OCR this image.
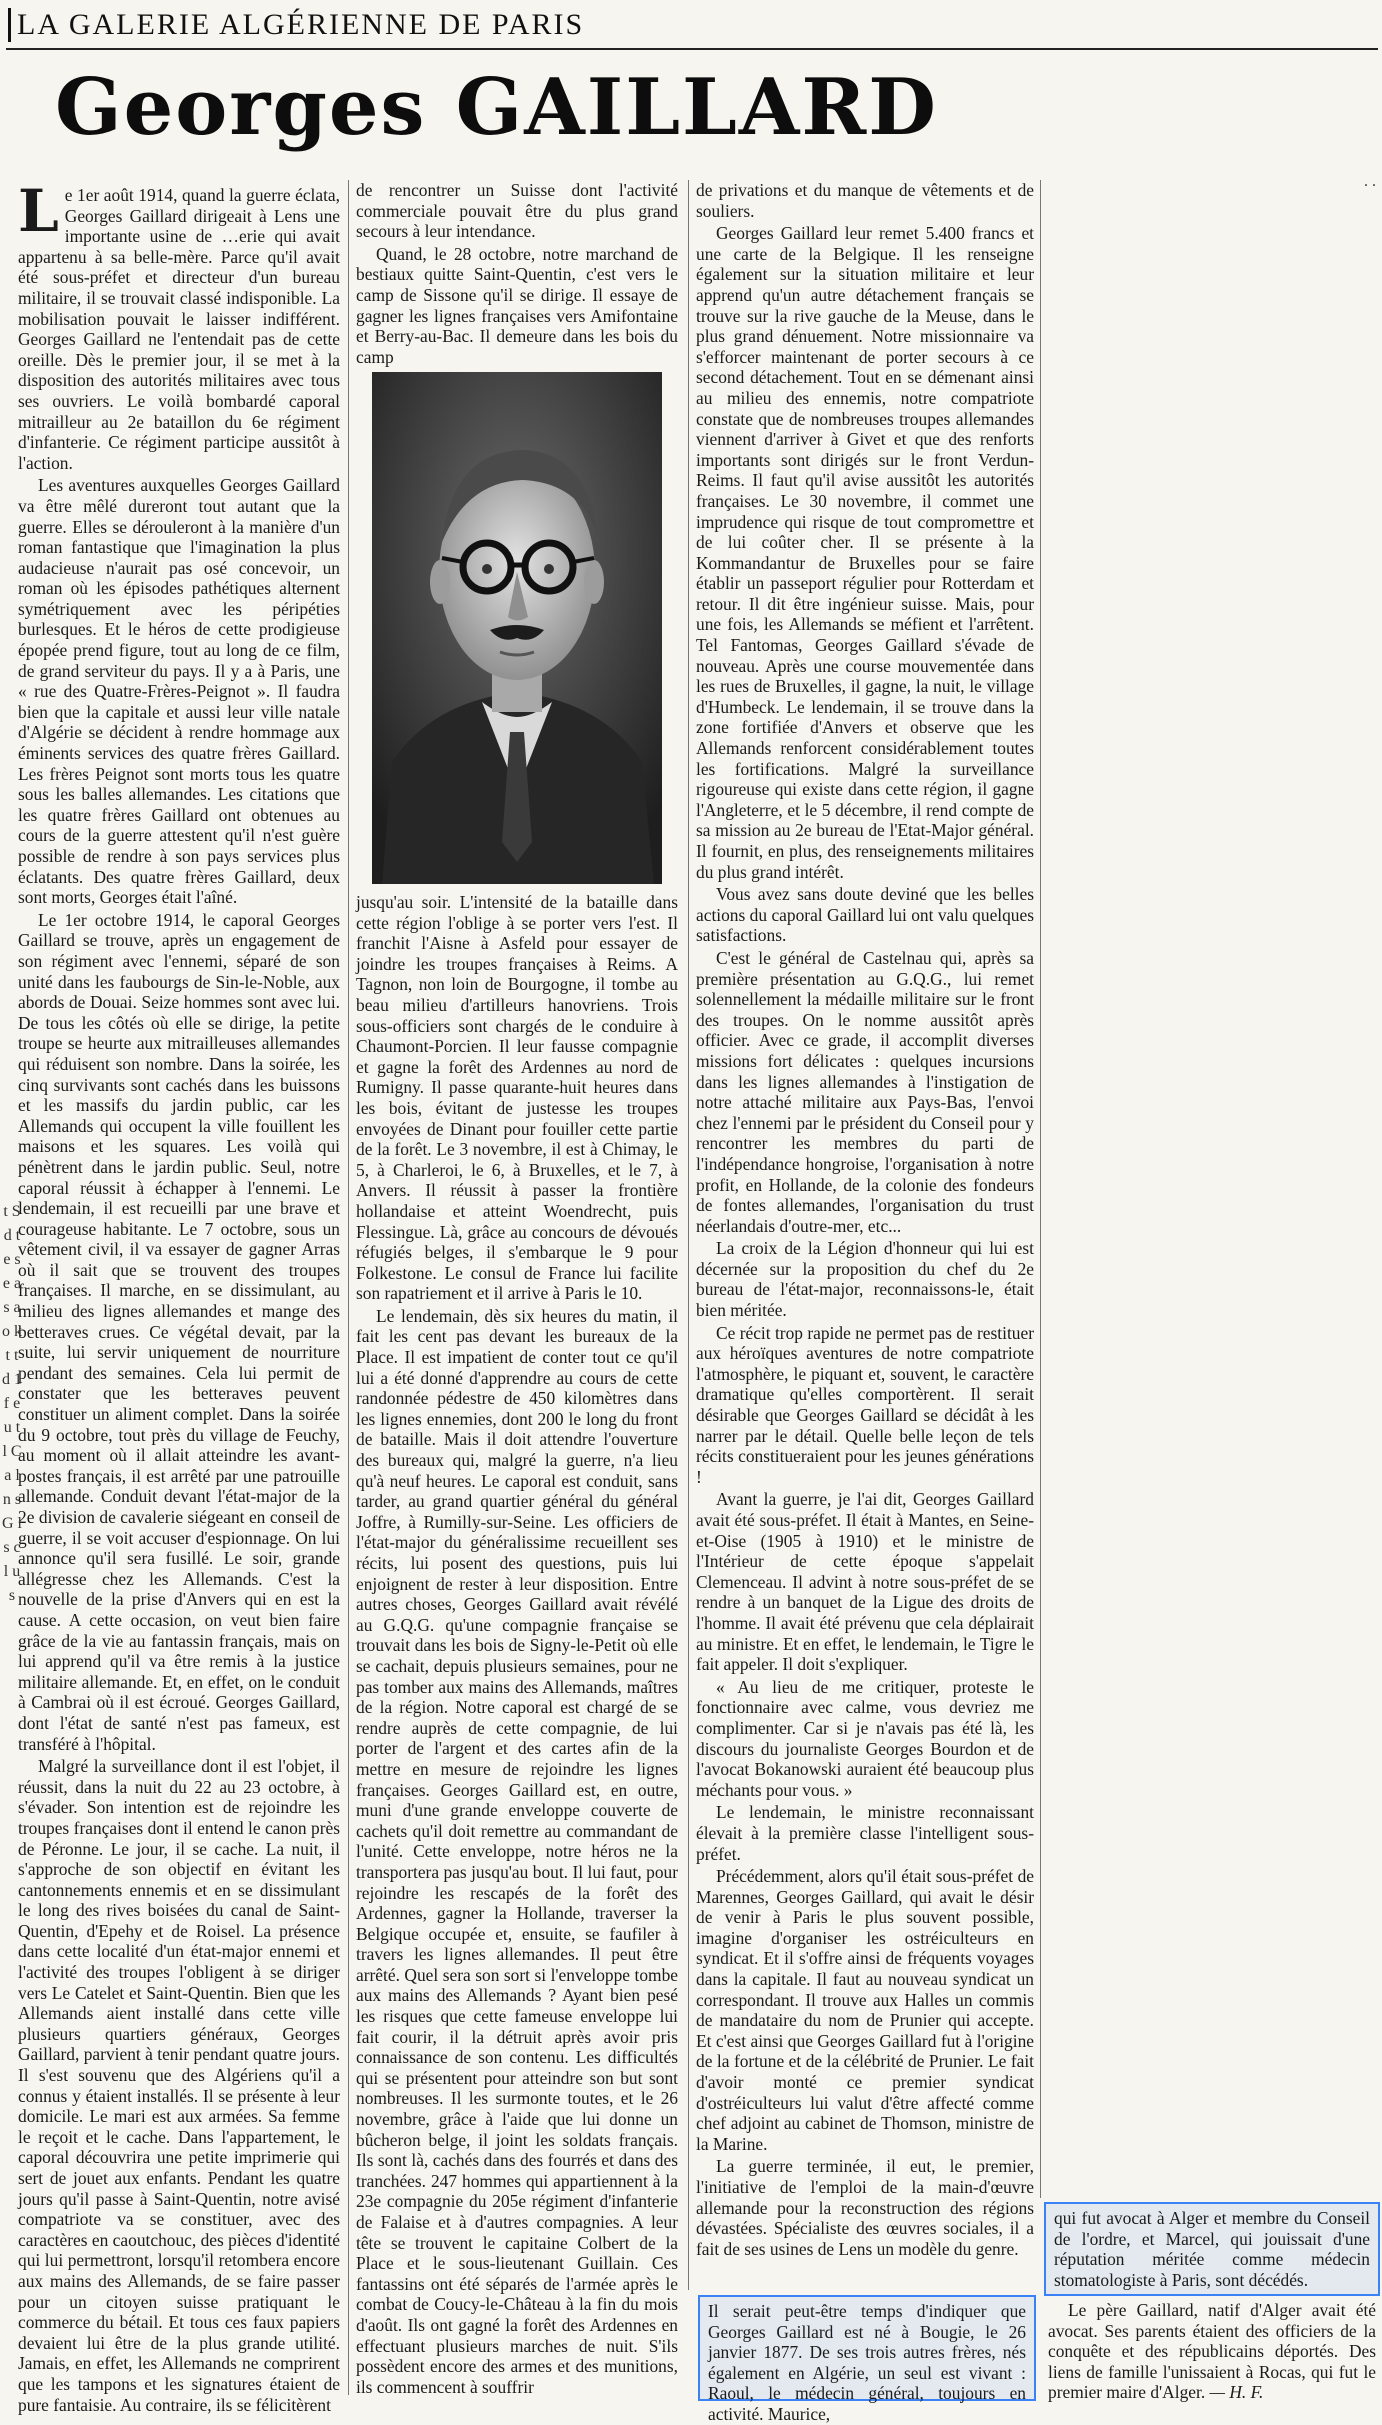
LA GALERIE ALGÉRIENNE DE PARIS
Georges GAILLARD

Le 1er août 1914, quand la guerre éclata, Georges Gaillard dirigeait à Lens une importante usine de …erie qui avait appartenu à sa belle-mère. Parce qu'il avait été sous-préfet et directeur d'un bureau militaire, il se trouvait classé indisponible. La mobilisation pouvait le laisser indifférent. Georges Gaillard ne l'entendait pas de cette oreille. Dès le premier jour, il se met à la disposition des autorités militaires avec tous ses ouvriers. Le voilà bombardé caporal mitrailleur au 2e bataillon du 6e régiment d'infanterie. Ce régiment participe aussitôt à l'action.

Les aventures auxquelles Georges Gaillard va être mêlé dureront tout autant que la guerre. Elles se dérouleront à la manière d'un roman fantastique que l'imagination la plus audacieuse n'aurait pas osé concevoir, un roman où les épisodes pathétiques alternent symétriquement avec les péripéties burlesques. Et le héros de cette prodigieuse épopée prend figure, tout au long de ce film, de grand serviteur du pays. Il y a à Paris, une « rue des Quatre-Frères-Peignot ». Il faudra bien que la capitale et aussi leur ville natale d'Algérie se décident à rendre hommage aux éminents services des quatre frères Gaillard. Les frères Peignot sont morts tous les quatre sous les balles allemandes. Les citations que les quatre frères Gaillard ont obtenues au cours de la guerre attestent qu'il n'est guère possible de rendre à son pays services plus éclatants. Des quatre frères Gaillard, deux sont morts, Georges était l'aîné.

Le 1er octobre 1914, le caporal Georges Gaillard se trouve, après un engagement de son régiment avec l'ennemi, séparé de son unité dans les faubourgs de Sin-le-Noble, aux abords de Douai. Seize hommes sont avec lui. De tous les côtés où elle se dirige, la petite troupe se heurte aux mitrailleuses allemandes qui réduisent son nombre. Dans la soirée, les cinq survivants sont cachés dans les buissons et les massifs du jardin public, car les Allemands qui occupent la ville fouillent les maisons et les squares. Les voilà qui pénètrent dans le jardin public. Seul, notre caporal réussit à échapper à l'ennemi. Le lendemain, il est recueilli par une brave et courageuse habitante. Le 7 octobre, sous un vêtement civil, il va essayer de gagner Arras où il sait que se trouvent des troupes françaises. Il marche, en se dissimulant, au milieu des lignes allemandes et mange des betteraves crues. Ce végétal devait, par la suite, lui servir uniquement de nourriture pendant des semaines. Cela lui permit de constater que les betteraves peuvent constituer un aliment complet. Dans la soirée du 9 octobre, tout près du village de Feuchy, au moment où il allait atteindre les avant-postes français, il est arrêté par une patrouille allemande. Conduit devant l'état-major de la 2e division de cavalerie siégeant en conseil de guerre, il se voit accuser d'espionnage. On lui annonce qu'il sera fusillé. Le soir, grande allégresse chez les Allemands. C'est la nouvelle de la prise d'Anvers qui en est la cause. A cette occasion, on veut bien faire grâce de la vie au fantassin français, mais on lui apprend qu'il va être remis à la justice militaire allemande. Et, en effet, on le conduit à Cambrai où il est écroué. Georges Gaillard, dont l'état de santé n'est pas fameux, est transféré à l'hôpital.

Malgré la surveillance dont il est l'objet, il réussit, dans la nuit du 22 au 23 octobre, à s'évader. Son intention est de rejoindre les troupes françaises dont il entend le canon près de Péronne. Le jour, il se cache. La nuit, il s'approche de son objectif en évitant les cantonnements ennemis et en se dissimulant le long des rives boisées du canal de Saint-Quentin, d'Epehy et de Roisel. La présence dans cette localité d'un état-major ennemi et l'activité des troupes l'obligent à se diriger vers Le Catelet et Saint-Quentin. Bien que les Allemands aient installé dans cette ville plusieurs quartiers généraux, Georges Gaillard, parvient à tenir pendant quatre jours. Il s'est souvenu que des Algériens qu'il a connus y étaient installés. Il se présente à leur domicile. Le mari est aux armées. Sa femme le reçoit et le cache. Dans l'appartement, le caporal découvrira une petite imprimerie qui sert de jouet aux enfants. Pendant les quatre jours qu'il passe à Saint-Quentin, notre avisé compatriote va se constituer, avec des caractères en caoutchouc, des pièces d'identité qui lui permettront, lorsqu'il retombera encore aux mains des Allemands, de se faire passer pour un citoyen suisse pratiquant le commerce du bétail. Et tous ces faux papiers devaient lui être de la plus grande utilité. Jamais, en effet, les Allemands ne comprirent que les tampons et les signatures étaient de pure fantaisie. Au contraire, ils se félicitèrent

de rencontrer un Suisse dont l'activité commerciale pouvait être du plus grand secours à leur intendance.

Quand, le 28 octobre, notre marchand de bestiaux quitte Saint-Quentin, c'est vers le camp de Sissone qu'il se dirige. Il essaye de gagner les lignes françaises vers Amifontaine et Berry-au-Bac. Il demeure dans les bois du camp

jusqu'au soir. L'intensité de la bataille dans cette région l'oblige à se porter vers l'est. Il franchit l'Aisne à Asfeld pour essayer de joindre les troupes françaises à Reims. A Tagnon, non loin de Bourgogne, il tombe au beau milieu d'artilleurs hanovriens. Trois sous-officiers sont chargés de le conduire à Chaumont-Porcien. Il leur fausse compagnie et gagne la forêt des Ardennes au nord de Rumigny. Il passe quarante-huit heures dans les bois, évitant de justesse les troupes envoyées de Dinant pour fouiller cette partie de la forêt. Le 3 novembre, il est à Chimay, le 5, à Charleroi, le 6, à Bruxelles, et le 7, à Anvers. Il réussit à passer la frontière hollandaise et atteint Woendrecht, puis Flessingue. Là, grâce au concours de dévoués réfugiés belges, il s'embarque le 9 pour Folkestone. Le consul de France lui facilite son rapatriement et il arrive à Paris le 10.

Le lendemain, dès six heures du matin, il fait les cent pas devant les bureaux de la Place. Il est impatient de conter tout ce qu'il lui a été donné d'apprendre au cours de cette randonnée pédestre de 450 kilomètres dans les lignes ennemies, dont 200 le long du front de bataille. Mais il doit attendre l'ouverture des bureaux qui, malgré la guerre, n'a lieu qu'à neuf heures. Le caporal est conduit, sans tarder, au grand quartier général du général Joffre, à Rumilly-sur-Seine. Les officiers de l'état-major du généralissime recueillent ses récits, lui posent des questions, puis lui enjoignent de rester à leur disposition. Entre autres choses, Georges Gaillard avait révélé au G.Q.G. qu'une compagnie française se trouvait dans les bois de Signy-le-Petit où elle se cachait, depuis plusieurs semaines, pour ne pas tomber aux mains des Allemands, maîtres de la région. Notre caporal est chargé de se rendre auprès de cette compagnie, de lui porter de l'argent et des cartes afin de la mettre en mesure de rejoindre les lignes françaises. Georges Gaillard est, en outre, muni d'une grande enveloppe couverte de cachets qu'il doit remettre au commandant de l'unité. Cette enveloppe, notre héros ne la transportera pas jusqu'au bout. Il lui faut, pour rejoindre les rescapés de la forêt des Ardennes, gagner la Hollande, traverser la Belgique occupée et, ensuite, se faufiler à travers les lignes allemandes. Il peut être arrêté. Quel sera son sort si l'enveloppe tombe aux mains des Allemands ? Ayant bien pesé les risques que cette fameuse enveloppe lui fait courir, il la détruit après avoir pris connaissance de son contenu. Les difficultés qui se présentent pour atteindre son but sont nombreuses. Il les surmonte toutes, et le 26 novembre, grâce à l'aide que lui donne un bûcheron belge, il joint les soldats français. Ils sont là, cachés dans des fourrés et dans des tranchées. 247 hommes qui appartiennent à la 23e compagnie du 205e régiment d'infanterie de Falaise et à d'autres compagnies. A leur tête se trouvent le capitaine Colbert de la Place et le sous-lieutenant Guillain. Ces fantassins ont été séparés de l'armée après le combat de Coucy-le-Château à la fin du mois d'août. Ils ont gagné la forêt des Ardennes en effectuant plusieurs marches de nuit. S'ils possèdent encore des armes et des munitions, ils commencent à souffrir

de privations et du manque de vêtements et de souliers.

Georges Gaillard leur remet 5.400 francs et une carte de la Belgique. Il les renseigne également sur la situation militaire et leur apprend qu'un autre détachement français se trouve sur la rive gauche de la Meuse, dans le plus grand dénuement. Notre missionnaire va s'efforcer maintenant de porter secours à ce second détachement. Tout en se démenant ainsi au milieu des ennemis, notre compatriote constate que de nombreuses troupes allemandes viennent d'arriver à Givet et que des renforts importants sont dirigés sur le front Verdun-Reims. Il faut qu'il avise aussitôt les autorités françaises. Le 30 novembre, il commet une imprudence qui risque de tout compromettre et de lui coûter cher. Il se présente à la Kommandantur de Bruxelles pour se faire établir un passeport régulier pour Rotterdam et retour. Il dit être ingénieur suisse. Mais, pour une fois, les Allemands se méfient et l'arrêtent. Tel Fantomas, Georges Gaillard s'évade de nouveau. Après une course mouvementée dans les rues de Bruxelles, il gagne, la nuit, le village d'Humbeck. Le lendemain, il se trouve dans la zone fortifiée d'Anvers et observe que les Allemands renforcent considérablement toutes les fortifications. Malgré la surveillance rigoureuse qui existe dans cette région, il gagne l'Angleterre, et le 5 décembre, il rend compte de sa mission au 2e bureau de l'Etat-Major général. Il fournit, en plus, des renseignements militaires du plus grand intérêt.

Vous avez sans doute deviné que les belles actions du caporal Gaillard lui ont valu quelques satisfactions.

C'est le général de Castelnau qui, après sa première présentation au G.Q.G., lui remet solennellement la médaille militaire sur le front des troupes. On le nomme aussitôt après officier. Avec ce grade, il accomplit diverses missions fort délicates : quelques incursions dans les lignes allemandes à l'instigation de notre attaché militaire aux Pays-Bas, l'envoi chez l'ennemi par le président du Conseil pour y rencontrer les membres du parti de l'indépendance hongroise, l'organisation à notre profit, en Hollande, de la colonie des fondeurs de fontes allemandes, l'organisation du trust néerlandais d'outre-mer, etc...

La croix de la Légion d'honneur qui lui est décernée sur la proposition du chef du 2e bureau de l'état-major, reconnaissons-le, était bien méritée.

Ce récit trop rapide ne permet pas de restituer aux héroïques aventures de notre compatriote l'atmosphère, le piquant et, souvent, le caractère dramatique qu'elles comportèrent. Il serait désirable que Georges Gaillard se décidât à les narrer par le détail. Quelle belle leçon de tels récits constitueraient pour les jeunes générations !

Avant la guerre, je l'ai dit, Georges Gaillard avait été sous-préfet. Il était à Mantes, en Seine-et-Oise (1905 à 1910) et le ministre de l'Intérieur de cette époque s'appelait Clemenceau. Il advint à notre sous-préfet de se rendre à un banquet de la Ligue des droits de l'homme. Il avait été prévenu que cela déplairait au ministre. Et en effet, le lendemain, le Tigre le fait appeler. Il doit s'expliquer.

« Au lieu de me critiquer, proteste le fonctionnaire avec calme, vous devriez me complimenter. Car si je n'avais pas été là, les discours du journaliste Georges Bourdon et de l'avocat Bokanowski auraient été beaucoup plus méchants pour vous. »

Le lendemain, le ministre reconnaissant élevait à la première classe l'intelligent sous-préfet.

Précédemment, alors qu'il était sous-préfet de Marennes, Georges Gaillard, qui avait le désir de venir à Paris le plus souvent possible, imagine d'organiser les ostréiculteurs en syndicat. Et il s'offre ainsi de fréquents voyages dans la capitale. Il faut au nouveau syndicat un correspondant. Il trouve aux Halles un commis de mandataire du nom de Prunier qui accepte. Et c'est ainsi que Georges Gaillard fut à l'origine de la fortune et de la célébrité de Prunier. Le fait d'avoir monté ce premier syndicat d'ostréiculteurs lui valut d'être affecté comme chef adjoint au cabinet de Thomson, ministre de la Marine.

La guerre terminée, il eut, le premier, l'initiative de l'emploi de la main-d'œuvre allemande pour la reconstruction des régions dévastées. Spécialiste des œuvres sociales, il a fait de ses usines de Lens un modèle du genre.

Il serait peut-être temps d'indiquer que Georges Gaillard est né à Bougie, le 26 janvier 1877. De ses trois autres frères, nés également en Algérie, un seul est vivant : Raoul, le médecin général, toujours en activité. Maurice,
qui fut avocat à Alger et membre du Conseil de l'ordre, et Marcel, qui jouissait d'une réputation méritée comme médecin stomatologiste à Paris, sont décédés.

Le père Gaillard, natif d'Alger avait été avocat. Ses parents étaient des officiers de la conquête et des républicains déportés. Des liens de famille l'unissaient à Rocas, qui fut le premier maire d'Alger. — H. F.

t S d t e s e a s a o k t t d 1 f e u t l C a l n s G l s c l u s
. .
